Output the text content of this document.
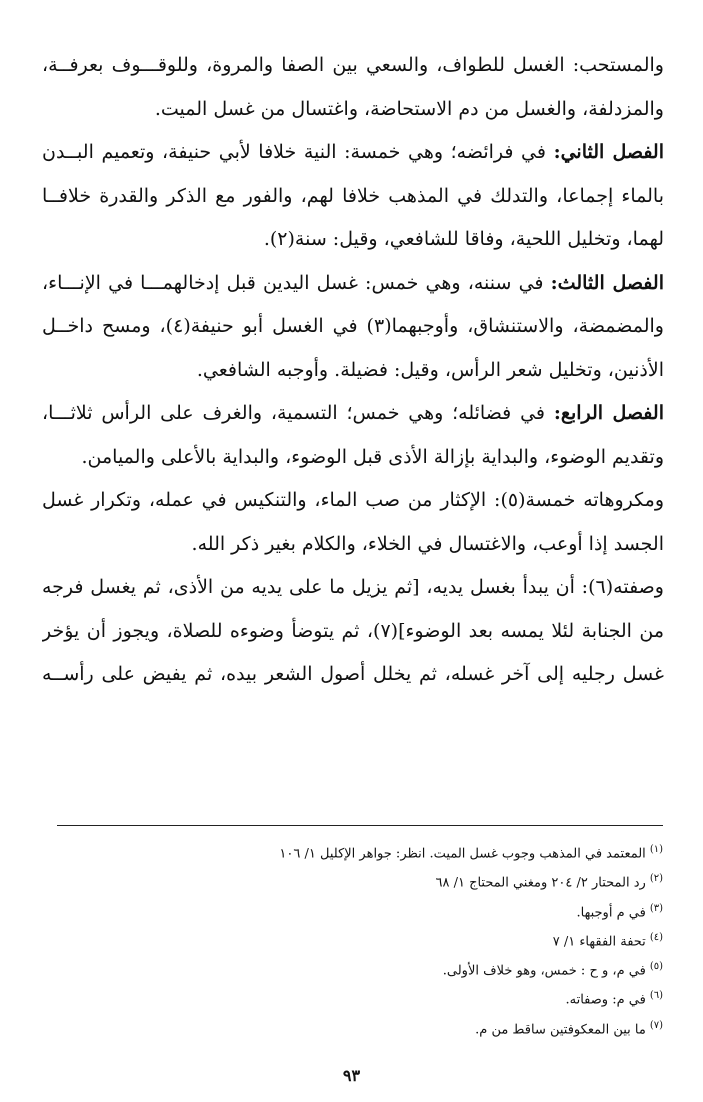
والمستحب: الغسل للطواف، والسعي بين الصفا والمروة، وللوقـــوف بعرفــة،
والمزدلفة، والغسل من دم الاستحاضة، واغتسال من غسل الميت.
الفصل الثاني: في فرائضه؛ وهي خمسة: النية خلافا لأبي حنيفة، وتعميم البــدن
بالماء إجماعا، والتدلك في المذهب خلافا لهم، والفور مع الذكر والقدرة خلافــا
لهما، وتخليل اللحية، وفاقا للشافعي، وقيل: سنة(٢).
الفصل الثالث: في سننه، وهي خمس: غسل اليدين قبل إدخالهمـــا في الإنـــاء،
والمضمضة، والاستنشاق، وأوجبهما(٣) في الغسل أبو حنيفة(٤)، ومسح داخــل
الأذنين، وتخليل شعر الرأس، وقيل: فضيلة. وأوجبه الشافعي.
الفصل الرابع: في فضائله؛ وهي خمس؛ التسمية، والغرف على الرأس ثلاثـــا،
وتقديم الوضوء، والبداية بإزالة الأذى قبل الوضوء، والبداية بالأعلى والميامن.
ومكروهاته خمسة(٥): الإكثار من صب الماء، والتنكيس في عمله، وتكرار غسل
الجسد إذا أوعب، والاغتسال في الخلاء، والكلام بغير ذكر الله.
وصفته(٦): أن يبدأ بغسل يديه، [ثم يزيل ما على يديه من الأذى، ثم يغسل فرجه
من الجنابة لئلا يمسه بعد الوضوء](٧)، ثم يتوضأ وضوءه للصلاة، ويجوز أن يؤخر
غسل رجليه إلى آخر غسله، ثم يخلل أصول الشعر بيده، ثم يفيض على رأســه
$^{(١)}$المعتمد في المذهب وجوب غسل الميت. انظر: جواهر الإكليل ١/ ١٠٦
$^{(٢)}$رد المحتار ٢/ ٢٠٤ ومغني المحتاج ١/ ٦٨
$^{(٣)}$في م أوجبها.
$^{(٤)}$تحفة الفقهاء ١/ ٧
$^{(٥)}$في م، و ح : خمس، وهو خلاف الأولى.
$^{(٦)}$في م: وصفاته.
$^{(٧)}$ما بين المعكوفتين ساقط من م.
٩٣
